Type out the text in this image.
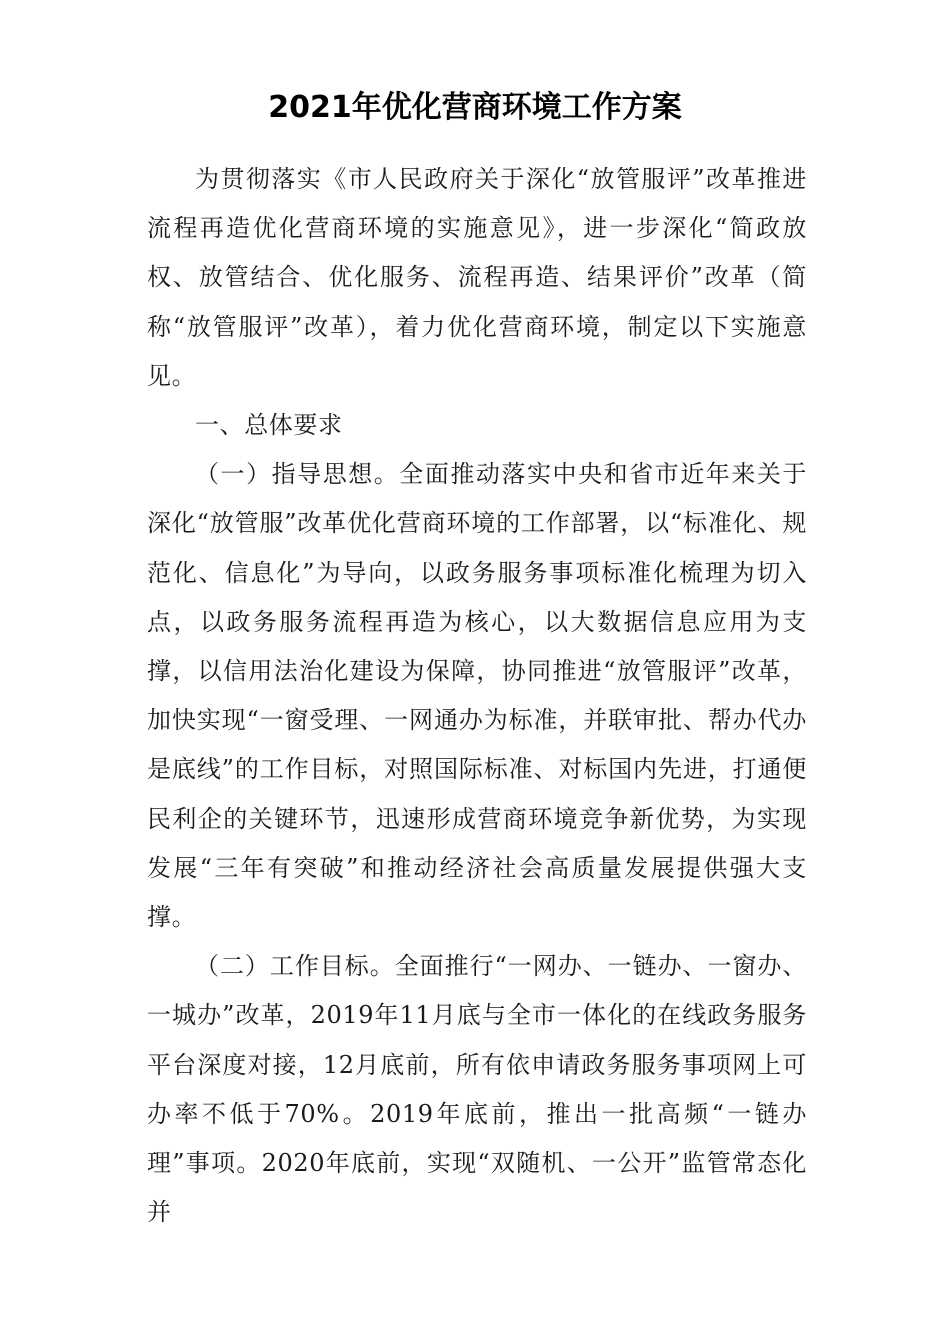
2021年优化营商环境工作方案

为贯彻落实《市人民政府关于深化“放管服评”改革推进流程再造优化营商环境的实施意见》，进一步深化“简政放权、放管结合、优化服务、流程再造、结果评价”改革（简称“放管服评”改革），着力优化营商环境，制定以下实施意见。

一、总体要求

（一）指导思想。全面推动落实中央和省市近年来关于深化“放管服”改革优化营商环境的工作部署，以“标准化、规范化、信息化”为导向，以政务服务事项标准化梳理为切入点，以政务服务流程再造为核心，以大数据信息应用为支撑，以信用法治化建设为保障，协同推进“放管服评”改革，加快实现“一窗受理、一网通办为标准，并联审批、帮办代办是底线”的工作目标，对照国际标准、对标国内先进，打通便民利企的关键环节，迅速形成营商环境竞争新优势，为实现发展“三年有突破”和推动经济社会高质量发展提供强大支撑。

（二）工作目标。全面推行“一网办、一链办、一窗办、一城办”改革，2019年11月底与全市一体化的在线政务服务平台深度对接，12月底前，所有依申请政务服务事项网上可办率不低于70%。2019年底前，推出一批高频“一链办理”事项。2020年底前，实现“双随机、一公开”监管常态化并
